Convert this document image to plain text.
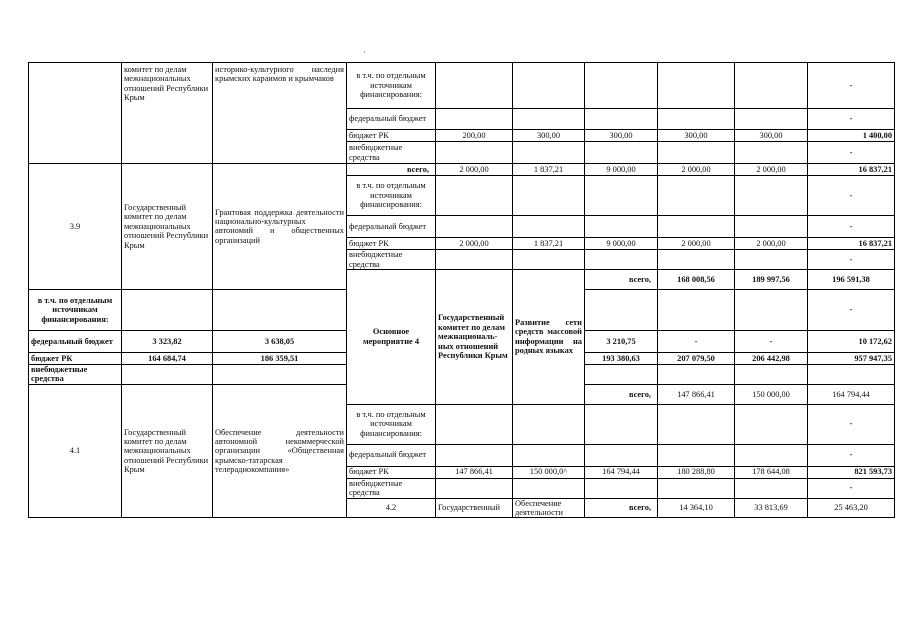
·
	комитет по делам межнациональных отношений Республики Крым	историко-культурного наследия крымских караимов и крымчаков	в т.ч. по отдельным источникам финансирования:						-	
			федеральный бюджет						-	
			бюджет РК	200,00	300,00	300,00	300,00	300,00	1 400,00	
			внебюджетные средства						-	
3.9	Государственный комитет по делам межнациональных отношений Республики Крым	Грантовая поддержка деятельности национально-культурных автономий и общественных организаций	всего,	2 000,00	1 837,21	9 000,00	2 000,00	2 000,00	16 837,21	
			в т.ч. по отдельным источникам финансирования:						-	
			федеральный бюджет						-	
			бюджет РК	2 000,00	1 837,21	9 000,00	2 000,00	2 000,00	16 837,21	
			внебюджетные средства						-	
			Основное мероприятие 4	Государственный комитет по делам межнациональ-ных отношений Республики Крым	Развитие сети средств массовой информации на родных языках	всего,	168 008,56	189 997,56	196 591,38			
в т.ч. по отдельным источникам финансирования:									-	
федеральный бюджет	3 323,82	3 638,05				3 210,75	-	-	10 172,62	
бюджет РК	164 684,74	186 359,51				193 380,63	207 079,50	206 442,98	957 947,35	
внебюджетные средства										
4.1	Государственный комитет по делам межнациональных отношений Республики Крым	Обеспечение деятельности автономной некоммерческой организации «Общественная крымско-татарская телерадиокомпания»				всего,	147 866,41	150 000,00	164 794,44			
			в т.ч. по отдельным источникам финансирования:						-	
			федеральный бюджет						-	
			бюджет РК	147 866,41	150 000,0^	164 794,44	180 288,80	178 644,08	821 593,73	
			внебюджетные средства						-	
			4.2	Государственный	Обеспечение деятельности	всего,	14 364,10	33 813,69	25 463,20			
